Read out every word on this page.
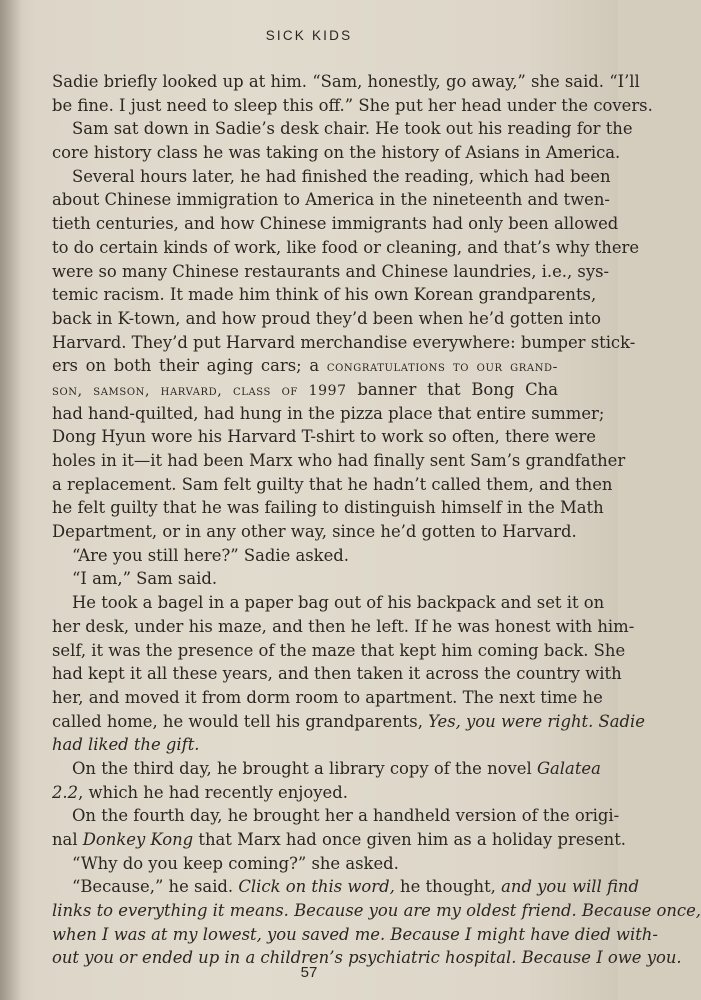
SICK KIDS
Sadie briefly looked up at him. “Sam, honestly, go away,” she said. “I’ll
be fine. I just need to sleep this off.” She put her head under the covers.
Sam sat down in Sadie’s desk chair. He took out his reading for the
core history class he was taking on the history of Asians in America.
Several hours later, he had finished the reading, which had been
about Chinese immigration to America in the nineteenth and twen-
tieth centuries, and how Chinese immigrants had only been allowed
to do certain kinds of work, like food or cleaning, and that’s why there
were so many Chinese restaurants and Chinese laundries, i.e., sys-
temic racism. It made him think of his own Korean grandparents,
back in K-town, and how proud they’d been when he’d gotten into
Harvard. They’d put Harvard merchandise everywhere: bumper stick-
ers on both their aging cars; a congratulations to our grand-
son, samson, harvard, class of 1997 banner that Bong Cha
had hand-quilted, had hung in the pizza place that entire summer;
Dong Hyun wore his Harvard T-shirt to work so often, there were
holes in it—it had been Marx who had finally sent Sam’s grandfather
a replacement. Sam felt guilty that he hadn’t called them, and then
he felt guilty that he was failing to distinguish himself in the Math
Department, or in any other way, since he’d gotten to Harvard.
“Are you still here?” Sadie asked.
“I am,” Sam said.
He took a bagel in a paper bag out of his backpack and set it on
her desk, under his maze, and then he left. If he was honest with him-
self, it was the presence of the maze that kept him coming back. She
had kept it all these years, and then taken it across the country with
her, and moved it from dorm room to apartment. The next time he
called home, he would tell his grandparents, Yes, you were right. Sadie
had liked the gift.
On the third day, he brought a library copy of the novel Galatea
2.2, which he had recently enjoyed.
On the fourth day, he brought her a handheld version of the origi-
nal Donkey Kong that Marx had once given him as a holiday present.
“Why do you keep coming?” she asked.
“Because,” he said. Click on this word, he thought, and you will find
links to everything it means. Because you are my oldest friend. Because once,
when I was at my lowest, you saved me. Because I might have died with-
out you or ended up in a children’s psychiatric hospital. Because I owe you.
57
